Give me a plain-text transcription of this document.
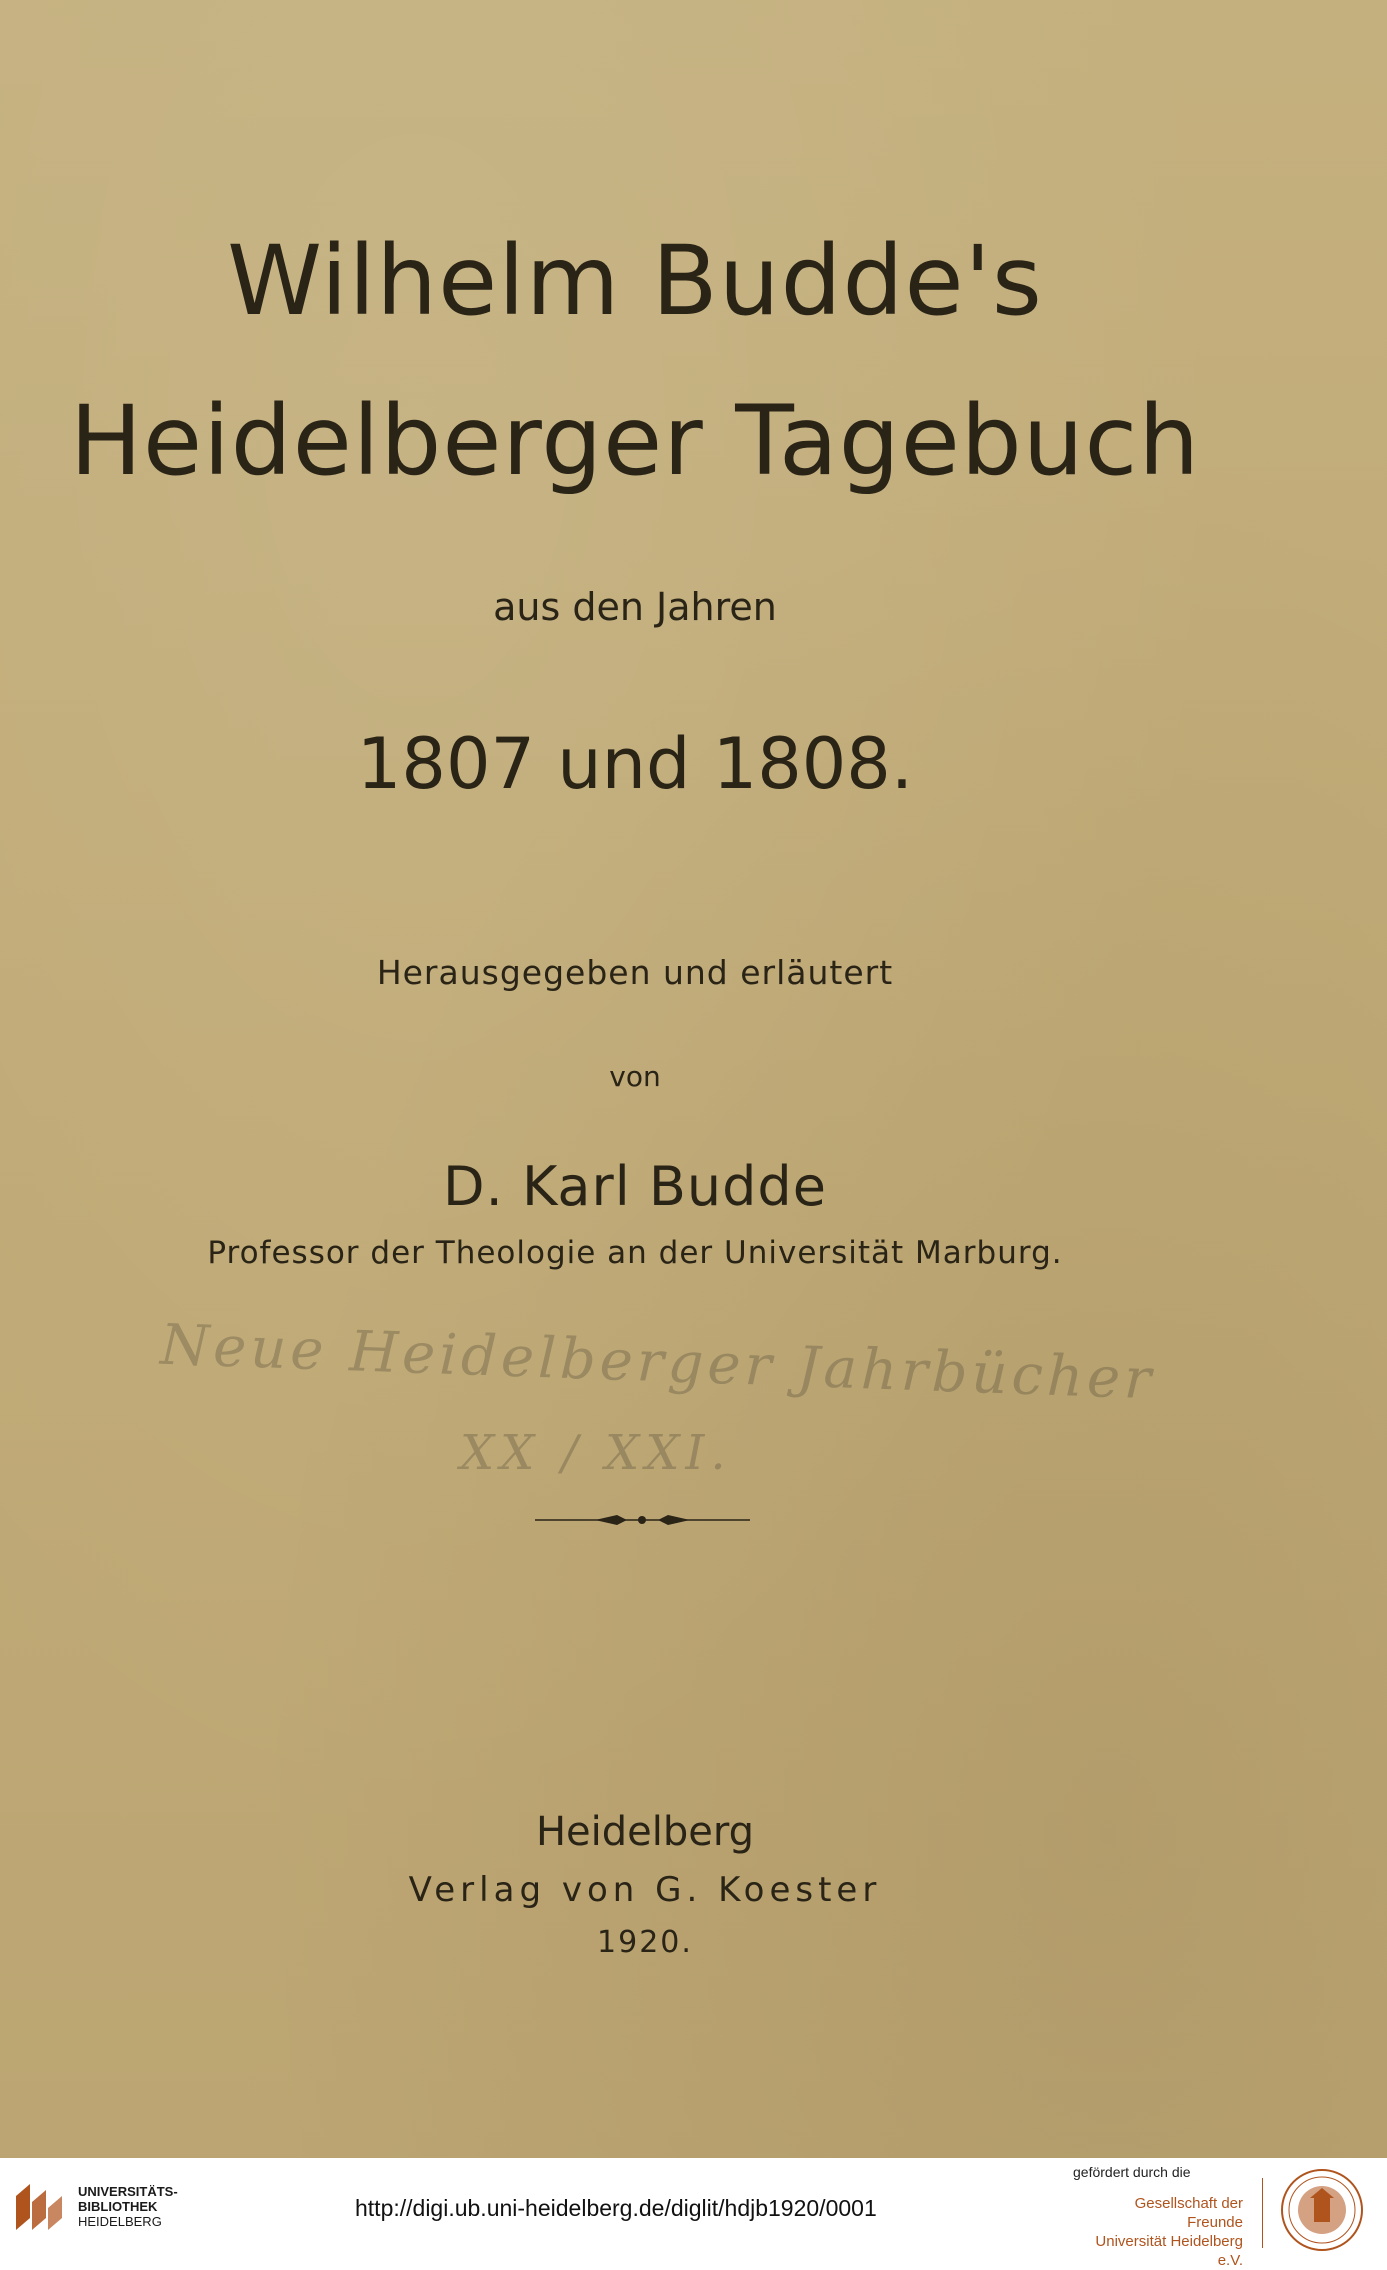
Wilhelm Budde's
Heidelberger Tagebuch
aus den Jahren
1807 und 1808.
Herausgegeben und erläutert
von
D. Karl Budde
Professor der Theologie an der Universität Marburg.
Neue Heidelberger Jahrbücher
XX / XXI.
Heidelberg
Verlag von G. Koester
1920.
UNIVERSITÄTS-
BIBLIOTHEK
HEIDELBERG
http://digi.ub.uni-heidelberg.de/diglit/hdjb1920/0001
gefördert durch die
Gesellschaft der Freunde
Universität Heidelberg e.V.
